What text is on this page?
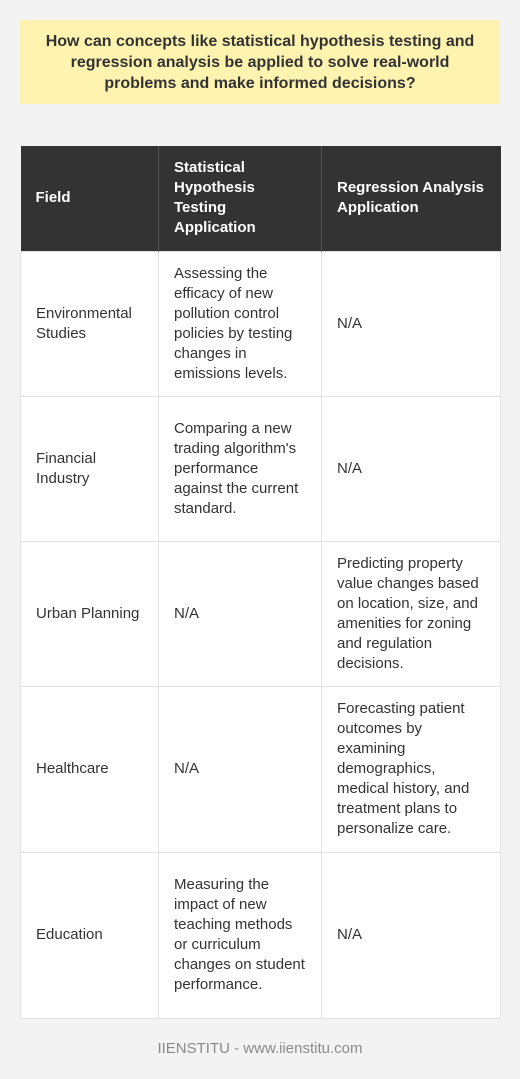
How can concepts like statistical hypothesis testing and regression analysis be applied to solve real-world problems and make informed decisions?
Field	Statistical Hypothesis Testing Application	Regression Analysis Application
Environmental Studies	Assessing the efficacy of new pollution control policies by testing changes in emissions levels.	N/A
Financial Industry	Comparing a new trading algorithm's performance against the current standard.	N/A
Urban Planning	N/A	Predicting property value changes based on location, size, and amenities for zoning and regulation decisions.
Healthcare	N/A	Forecasting patient outcomes by examining demographics, medical history, and treatment plans to personalize care.
Education	Measuring the impact of new teaching methods or curriculum changes on student performance.	N/A
IIENSTITU - www.iienstitu.com
